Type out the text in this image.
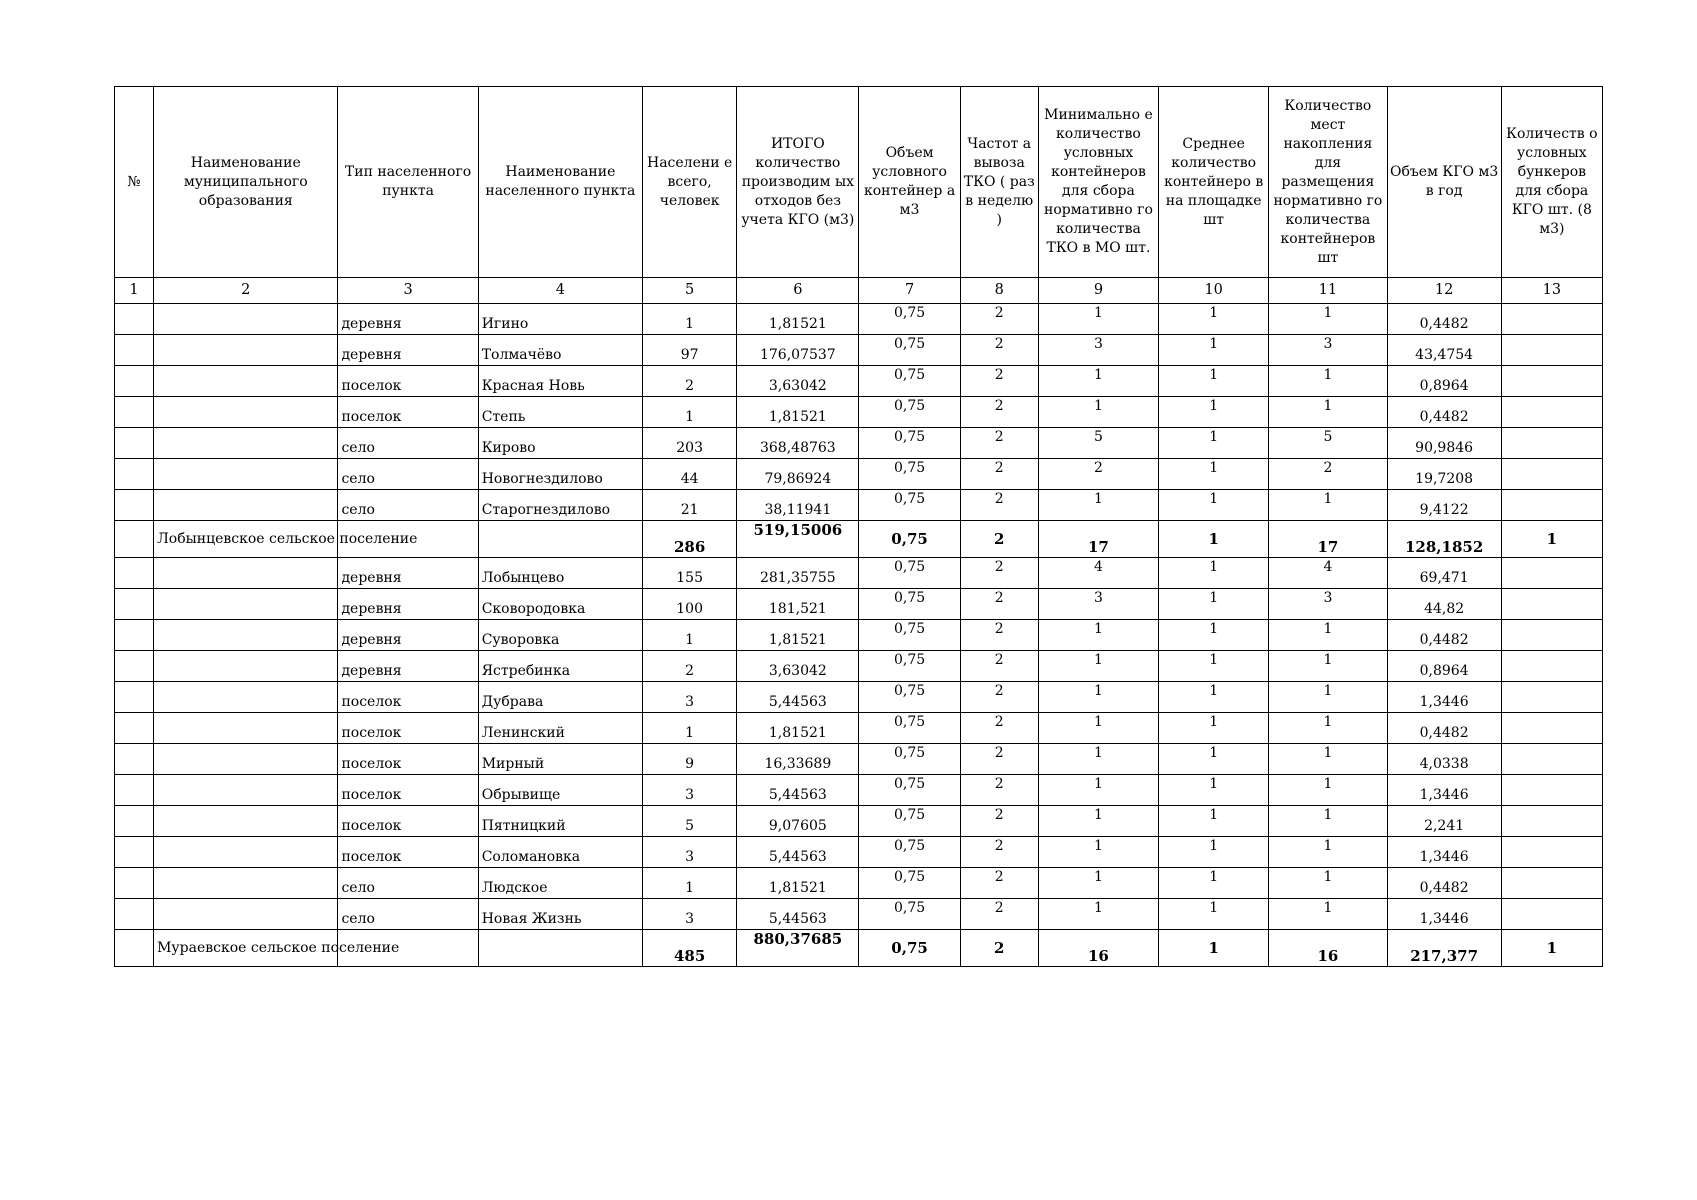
№	Наименование муниципального образования	Тип населенного пункта	Наименование населенного пункта	Населени е всего, человек	ИТОГО количество производим ых отходов без учета КГО (м3)	Объем условного контейнер а м3	Частот а вывоза ТКО ( раз в неделю )	Минимально е количество условных контейнеров для сбора нормативно го количества ТКО в МО шт.	Среднее количество контейнеро в на площадке шт	Количество мест накопления для размещения нормативно го количества контейнеров шт	Объем КГО м3 в год	Количеств о условных бункеров для сбора КГО шт. (8 м3)
1	2	3	4	5	6	7	8	9	10	11	12	13
		деревня	Игино	1	1,81521	0,75	2	1	1	1	0,4482	
		деревня	Толмачёво	97	176,07537	0,75	2	3	1	3	43,4754	
		поселок	Красная Новь	2	3,63042	0,75	2	1	1	1	0,8964	
		поселок	Степь	1	1,81521	0,75	2	1	1	1	0,4482	
		село	Кирово	203	368,48763	0,75	2	5	1	5	90,9846	
		село	Новогнездилово	44	79,86924	0,75	2	2	1	2	19,7208	
		село	Старогнездилово	21	38,11941	0,75	2	1	1	1	9,4122	
	Лобынцевское сельское поселение			286	519,15006	0,75	2	17	1	17	128,1852	1
		деревня	Лобынцево	155	281,35755	0,75	2	4	1	4	69,471	
		деревня	Сковородовка	100	181,521	0,75	2	3	1	3	44,82	
		деревня	Суворовка	1	1,81521	0,75	2	1	1	1	0,4482	
		деревня	Ястребинка	2	3,63042	0,75	2	1	1	1	0,8964	
		поселок	Дубрава	3	5,44563	0,75	2	1	1	1	1,3446	
		поселок	Ленинский	1	1,81521	0,75	2	1	1	1	0,4482	
		поселок	Мирный	9	16,33689	0,75	2	1	1	1	4,0338	
		поселок	Обрывище	3	5,44563	0,75	2	1	1	1	1,3446	
		поселок	Пятницкий	5	9,07605	0,75	2	1	1	1	2,241	
		поселок	Соломановка	3	5,44563	0,75	2	1	1	1	1,3446	
		село	Людское	1	1,81521	0,75	2	1	1	1	0,4482	
		село	Новая Жизнь	3	5,44563	0,75	2	1	1	1	1,3446	
	Мураевское сельское поселение			485	880,37685	0,75	2	16	1	16	217,377	1
